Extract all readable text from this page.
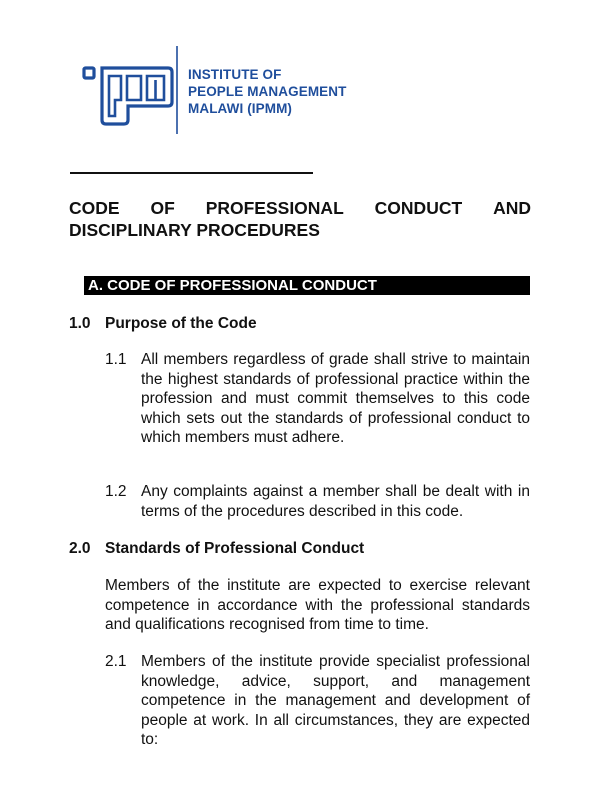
INSTITUTE OF
PEOPLE MANAGEMENT
MALAWI (IPMM)
CODE OF PROFESSIONAL CONDUCT AND
DISCIPLINARY PROCEDURES
A. CODE OF PROFESSIONAL CONDUCT
1.0 Purpose of the Code
1.1 All members regardless of grade shall strive to maintain the highest standards of professional practice within the profession and must commit themselves to this code which sets out the standards of professional conduct to which members must adhere.
1.2 Any complaints against a member shall be dealt with in terms of the procedures described in this code.
2.0 Standards of Professional Conduct
Members of the institute are expected to exercise relevant competence in accordance with the professional standards and qualifications recognised from time to time.
2.1 Members of the institute provide specialist professional knowledge, advice, support, and management competence in the management and development of people at work. In all circumstances, they are expected to:
